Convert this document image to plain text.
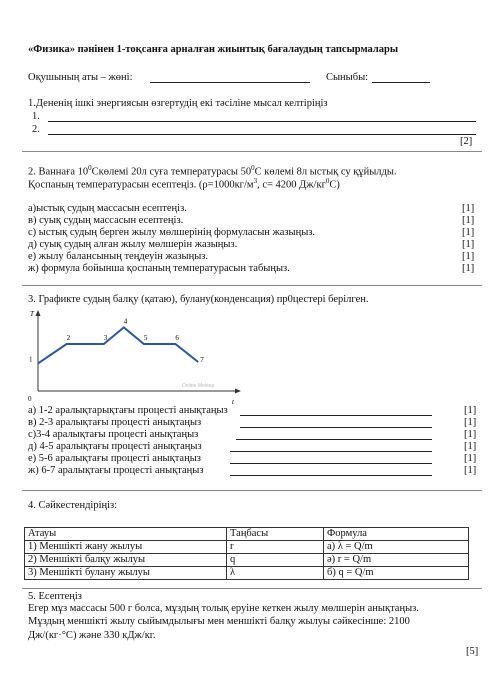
«Физика» пәнінен 1-тоқсанға арналған жиынтық бағалаудың тапсырмалары
Оқушының аты – жөні:	Сыныбы:
1.Дененің ішкі энергиясын өзгертудің екі тәсіліне мысал келтіріңіз
1.
2.
[2]
2. Ваннаға $10^0Скөлемі$ 20л суға температурасы $50^0С$ көлемі 8л ыстық су құйылды.
Қоспаның температурасын есептеңіз. ($\rho=1000кг/м^3$, c= 4200 $Дж/кг^0С$)
а)ыстық судың массасын есептеңіз.	[1]
в) суық судың массасын есептеңіз.	[1]
с) ыстық судың берген жылу мөлшерінің формуласын жазыңыз.	[1]
д) суық судың алған жылу мөлшерін жазыңыз.	[1]
е) жылу балансының теңдеуін жазыңыз.	[1]
ж) формула бойынша қоспаның температурасын табыңыз.	[1]
3. Графикте судың балқу (қатаю), булану(конденсация) пр0цестері берілген.
T
t
0
1
2	3
4
5	6
7
Online Mektep
а) 1-2 аралықтарықтағы процесті анықтаңыз	[1]
в) 2-3 аралықтағы процесті анықтаңыз	[1]
с)3-4 аралықтағы процесті анықтаңыз	[1]
д) 4-5 аралықтағы процесті анықтаңыз	[1]
е) 5-6 аралықтағы процесті анықтаңыз	[1]
ж) 6-7 аралықтағы процесті анықтаңыз	[1]
4. Сәйкестендіріңіз:
Атауы	Таңбасы	Формула
1) Меншікті жану жылуы	r	а) λ = Q/m
2) Меншікті балқу жылуы	q	ә) r = Q/m
3) Меншікті булану жылуы	λ	б) q = Q/m
5. Есептеңіз
Егер мұз массасы 500 г болса, мұздың толық еруіне кеткен жылу мөлшерін анықтаңыз.
Мұздың меншікті жылу сыйымдылығы мен меншікті балқу жылуы сәйкесінше: 2100
Дж/(кг·°С) және 330 кДж/кг.
[5]
